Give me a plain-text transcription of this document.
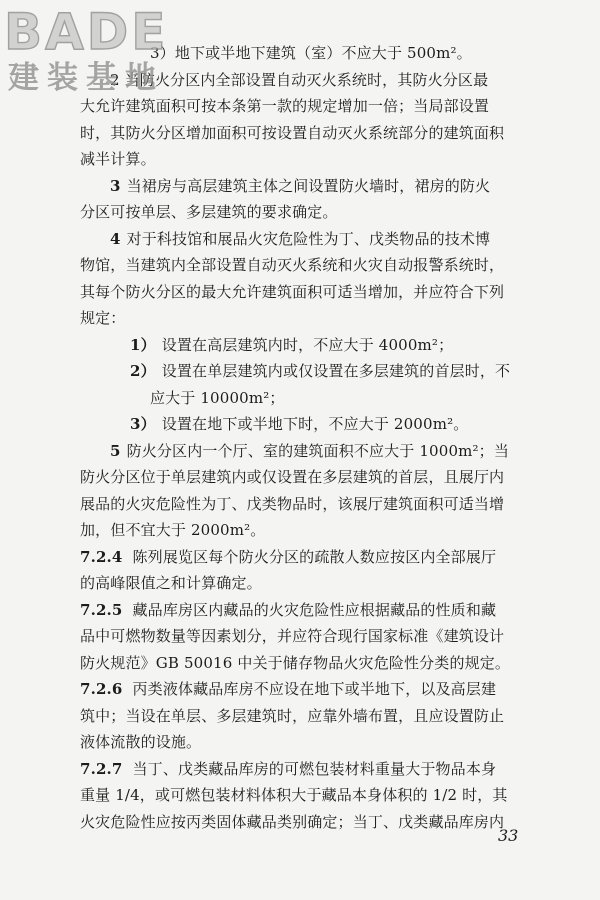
BADE
建装基地
3）地下或半地下建筑（室）不应大于 500m²。
2 当防火分区内全部设置自动灭火系统时，其防火分区最
大允许建筑面积可按本条第一款的规定增加一倍；当局部设置
时，其防火分区增加面积可按设置自动灭火系统部分的建筑面积
减半计算。
3 当裙房与高层建筑主体之间设置防火墙时，裙房的防火
分区可按单层、多层建筑的要求确定。
4 对于科技馆和展品火灾危险性为丁、戊类物品的技术博
物馆，当建筑内全部设置自动灭火系统和火灾自动报警系统时，
其每个防火分区的最大允许建筑面积可适当增加，并应符合下列
规定：
1） 设置在高层建筑内时，不应大于 4000m²；
2） 设置在单层建筑内或仅设置在多层建筑的首层时，不
应大于 10000m²；
3） 设置在地下或半地下时，不应大于 2000m²。
5 防火分区内一个厅、室的建筑面积不应大于 1000m²；当
防火分区位于单层建筑内或仅设置在多层建筑的首层，且展厅内
展品的火灾危险性为丁、戊类物品时，该展厅建筑面积可适当增
加，但不宜大于 2000m²。
7.2.4 陈列展览区每个防火分区的疏散人数应按区内全部展厅
的高峰限值之和计算确定。
7.2.5 藏品库房区内藏品的火灾危险性应根据藏品的性质和藏
品中可燃物数量等因素划分，并应符合现行国家标准《建筑设计
防火规范》GB 50016 中关于储存物品火灾危险性分类的规定。
7.2.6 丙类液体藏品库房不应设在地下或半地下，以及高层建
筑中；当设在单层、多层建筑时，应靠外墙布置，且应设置防止
液体流散的设施。
7.2.7 当丁、戊类藏品库房的可燃包装材料重量大于物品本身
重量 1/4，或可燃包装材料体积大于藏品本身体积的 1/2 时，其
火灾危险性应按丙类固体藏品类别确定；当丁、戊类藏品库房内
33
